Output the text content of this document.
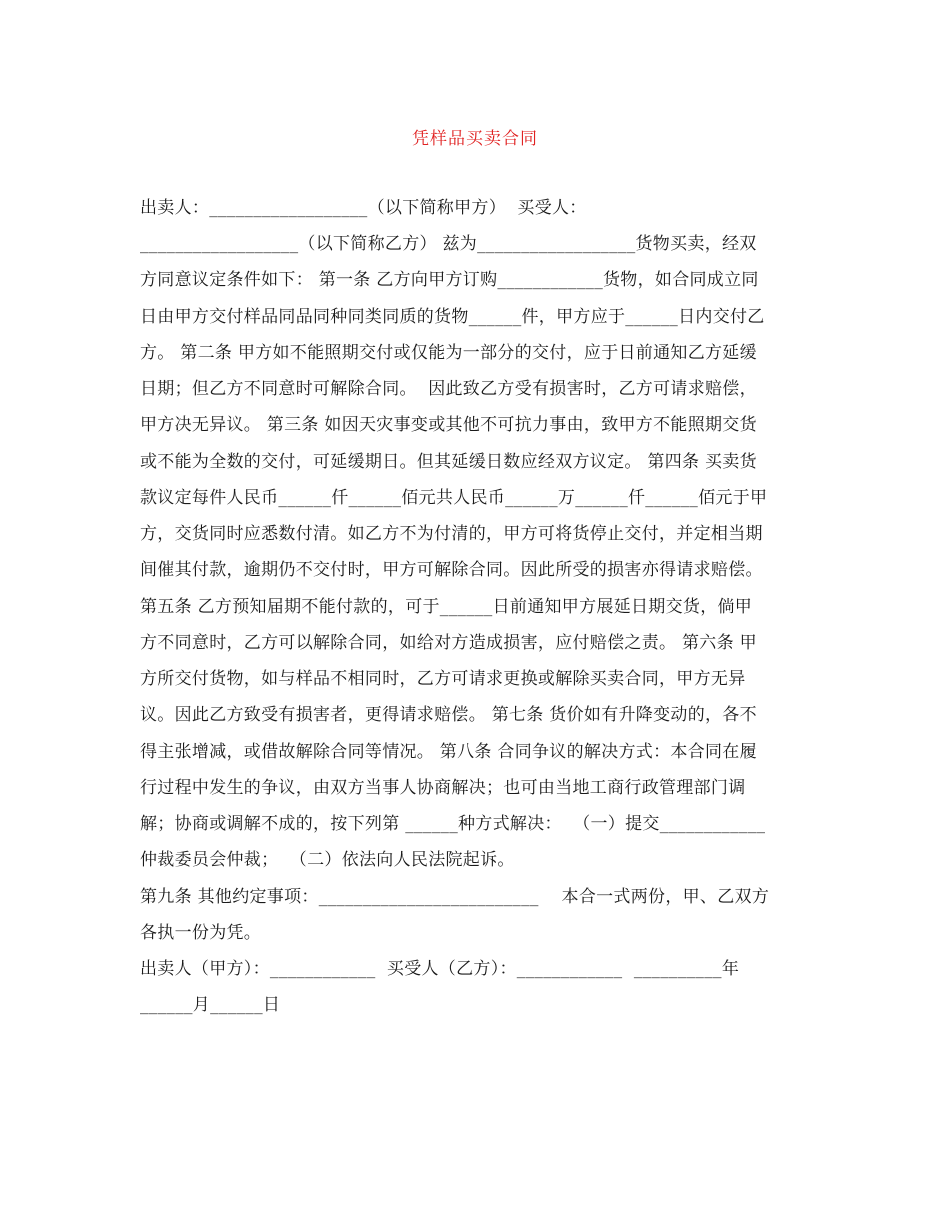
凭样品买卖合同
出卖人：__________________（以下简称甲方）  买受人：
__________________（以下简称乙方） 兹为__________________货物买卖，经双
方同意议定条件如下： 第一条 乙方向甲方订购____________货物，如合同成立同
日由甲方交付样品同品同种同类同质的货物______件，甲方应于______日内交付乙
方。 第二条 甲方如不能照期交付或仅能为一部分的交付，应于日前通知乙方延缓
日期；但乙方不同意时可解除合同。  因此致乙方受有损害时，乙方可请求赔偿，
甲方决无异议。 第三条 如因天灾事变或其他不可抗力事由，致甲方不能照期交货
或不能为全数的交付，可延缓期日。但其延缓日数应经双方议定。 第四条 买卖货
款议定每件人民币______仟______佰元共人民币______万______仟______佰元于甲
方，交货同时应悉数付清。如乙方不为付清的，甲方可将货停止交付，并定相当期
间催其付款，逾期仍不交付时，甲方可解除合同。因此所受的损害亦得请求赔偿。
第五条 乙方预知届期不能付款的，可于______日前通知甲方展延日期交货，倘甲
方不同意时，乙方可以解除合同，如给对方造成损害，应付赔偿之责。 第六条 甲
方所交付货物，如与样品不相同时，乙方可请求更换或解除买卖合同，甲方无异
议。因此乙方致受有损害者，更得请求赔偿。 第七条 货价如有升降变动的，各不
得主张增减，或借故解除合同等情况。 第八条 合同争议的解决方式：本合同在履
行过程中发生的争议，由双方当事人协商解决；也可由当地工商行政管理部门调
解；协商或调解不成的，按下列第 ______种方式解决：  （一）提交____________
仲裁委员会仲裁；  （二）依法向人民法院起诉。
第九条 其他约定事项：_________________________    本合一式两份，甲、乙双方
各执一份为凭。
出卖人（甲方）：____________  买受人（乙方）：____________  __________年
______月______日
